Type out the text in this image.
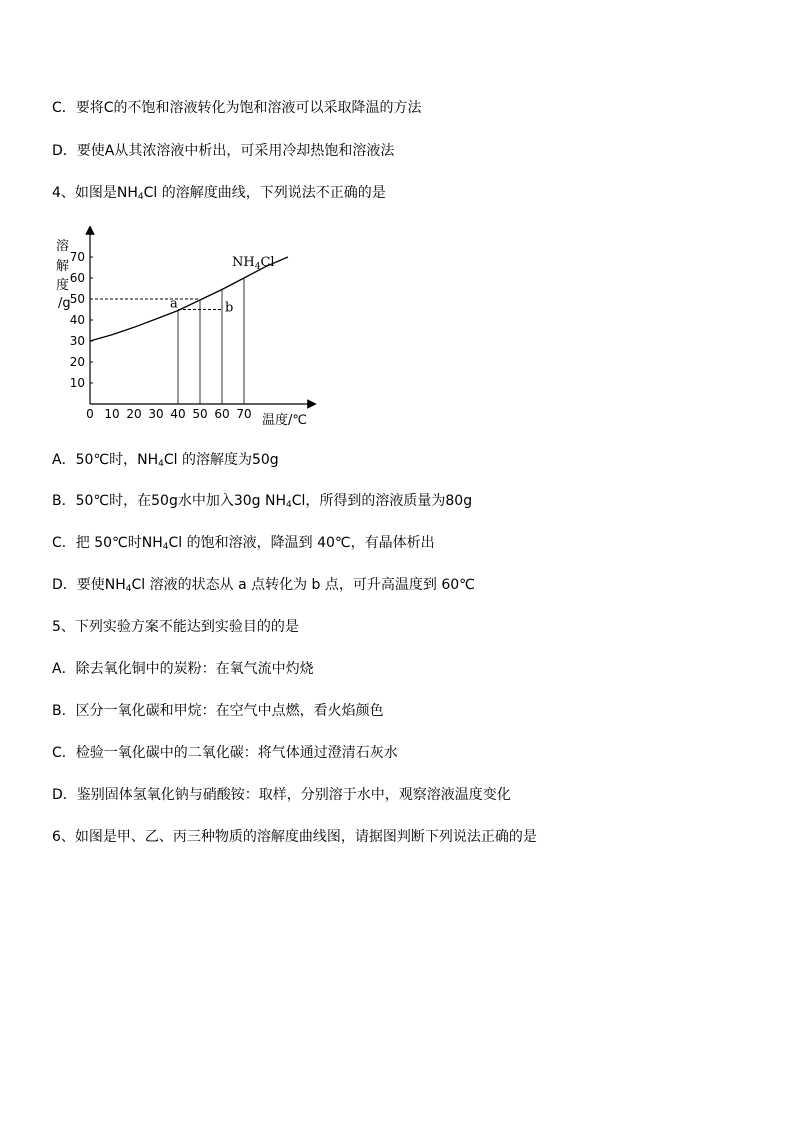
C．要将C的不饱和溶液转化为饱和溶液可以采取降温的方法
D．要使A从其浓溶液中析出，可采用冷却热饱和溶液法
4、如图是$NH_4Cl$ 的溶解度曲线，下列说法不正确的是
0 10 20 30 40 50 60 70
10
20
30
40
50
60
70
a	b
溶
解
度
/g
温度/℃
$NH_4Cl$
A．50℃时，$NH_4Cl$ 的溶解度为50g
B．50℃时，在50g水中加入30g $NH_4Cl$，所得到的溶液质量为80g
C．把 50℃时$NH_4Cl$ 的饱和溶液，降温到 40℃，有晶体析出
D．要使$NH_4Cl$ 溶液的状态从 a 点转化为 b 点，可升高温度到 60℃
5、下列实验方案不能达到实验目的的是
A．除去氧化铜中的炭粉：在氧气流中灼烧
B．区分一氧化碳和甲烷：在空气中点燃，看火焰颜色
C．检验一氧化碳中的二氧化碳：将气体通过澄清石灰水
D．鉴别固体氢氧化钠与硝酸铵：取样，分别溶于水中，观察溶液温度变化
6、如图是甲、乙、丙三种物质的溶解度曲线图，请据图判断下列说法正确的是
